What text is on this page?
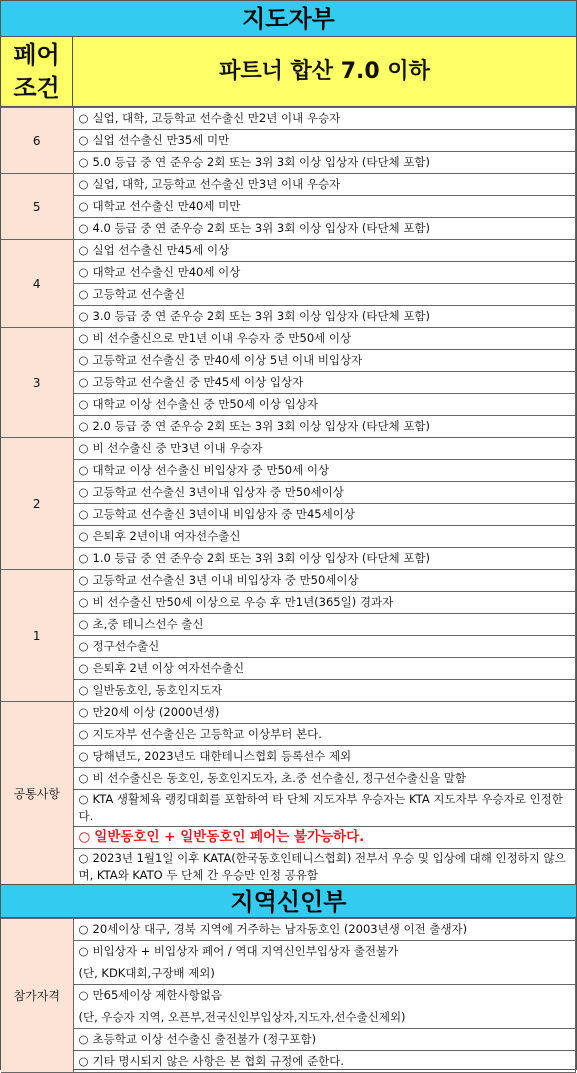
지도자부
페어
조건
파트너 합산 7.0 이하
6	○ 실업, 대학, 고등학교 선수출신 만2년 이내 우승자
	○ 실업 선수출신 만35세 미만
	○ 5.0 등급 중 연 준우승 2회 또는 3위 3회 이상 입상자 (타단체 포함)
5	○ 실업, 대학, 고등학교 선수출신 만3년 이내 우승자
	○ 대학교 선수출신 만40세 미만
	○ 4.0 등급 중 연 준우승 2회 또는 3위 3회 이상 입상자 (타단체 포함)
4	○ 실업 선수출신 만45세 이상
	○ 대학교 선수출신 만40세 이상
	○ 고등학교 선수출신
	○ 3.0 등급 중 연 준우승 2회 또는 3위 3회 이상 입상자 (타단체 포함)
3	○ 비 선수출신으로 만1년 이내 우승자 중 만50세 이상
	○ 고등학교 선수출신 중 만40세 이상 5년 이내 비입상자
	○ 고등학교 선수출신 중 만45세 이상 입상자
	○ 대학교 이상 선수출신 중 만50세 이상 입상자
	○ 2.0 등급 중 연 준우승 2회 또는 3위 3회 이상 입상자 (타단체 포함)
2	○ 비 선수출신 중 만3년 이내 우승자
	○ 대학교 이상 선수출신 비입상자 중 만50세 이상
	○ 고등학교 선수출신 3년이내 입상자 중 만50세이상
	○ 고등학교 선수출신 3년이내 비입상자 중 만45세이상
	○ 은퇴후 2년이내 여자선수출신
	○ 1.0 등급 중 연 준우승 2회 또는 3위 3회 이상 입상자 (타단체 포함)
1	○ 고등학교 선수출신 3년 이내 비입상자 중 만50세이상
	○ 비 선수출신 만50세 이상으로 우승 후 만1년(365일) 경과자
	○ 초,중 테니스선수 출신
	○ 정구선수출신
	○ 은퇴후 2년 이상 여자선수출신
	○ 일반동호인, 동호인지도자
공통사항	○ 만20세 이상 (2000년생)
	○ 지도자부 선수출신은 고등학교 이상부터 본다.
	○ 당해년도, 2023년도 대한테니스협회 등록선수 제외
	○ 비 선수출신은 동호인, 동호인지도자, 초.중 선수출신, 정구선수출신을 말함
	○ KTA 생활체육 랭킹대회를 포함하여 타 단체 지도자부 우승자는 KTA 지도자부 우승자로 인정한다.
	○ 일반동호인 + 일반동호인 페어는 불가능하다.
	○ 2023년 1월1일 이후 KATA(한국동호인테니스협회) 전부서 우승 및 입상에 대해 인정하지 않으며, KTA와 KATO 두 단체 간 우승만 인정 공유함
지역신인부
참가자격	○ 20세이상 대구, 경북 지역에 거주하는 남자동호인 (2003년생 이전 출생자)
○ 비입상자 + 비입상자 페어 / 역대 지역신인부입상자 출전불가
(단, KDK대회,구장배 제외)
○ 만65세이상 제한사항없음
(단, 우승자 지역, 오픈부,전국신인부입상자,지도자,선수출신제외)
○ 초등학교 이상 선수출신 출전불가 (정구포함)
○ 기타 명시되지 않은 사항은 본 협회 규정에 준한다.
